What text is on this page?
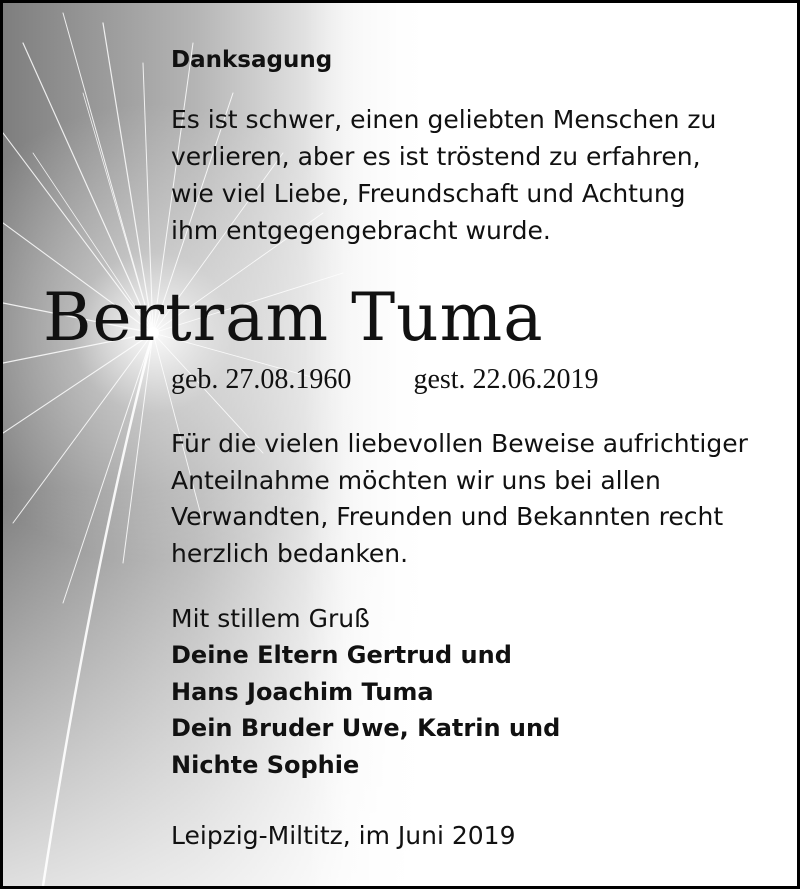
Danksagung
Es ist schwer, einen geliebten Menschen zu
verlieren, aber es ist tröstend zu erfahren,
wie viel Liebe, Freundschaft und Achtung
ihm entgegengebracht wurde.
Bertram Tuma
geb. 27.08.1960 gest. 22.06.2019
Für die vielen liebevollen Beweise aufrichtiger
Anteilnahme möchten wir uns bei allen
Verwandten, Freunden und Bekannten recht
herzlich bedanken.
Mit stillem Gruß
Deine Eltern Gertrud und
Hans Joachim Tuma
Dein Bruder Uwe, Katrin und
Nichte Sophie
Leipzig-Miltitz, im Juni 2019
